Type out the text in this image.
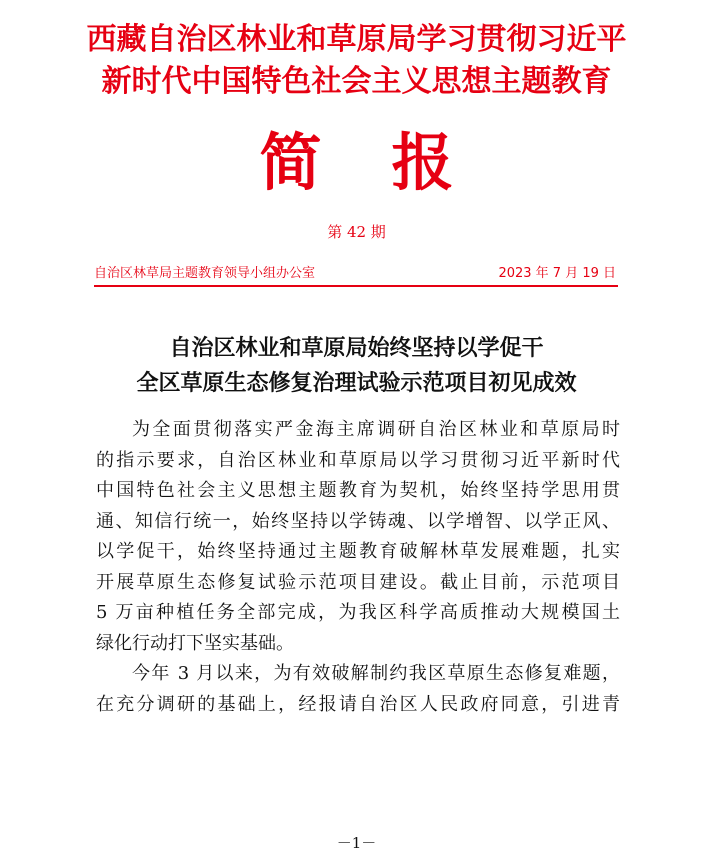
西藏自治区林业和草原局学习贯彻习近平
新时代中国特色社会主义思想主题教育
简报
第 42 期
自治区林草局主题教育领导小组办公室	2023 年 7 月 19 日
自治区林业和草原局始终坚持以学促干
全区草原生态修复治理试验示范项目初见成效
为全面贯彻落实严金海主席调研自治区林业和草原局时
的指示要求，自治区林业和草原局以学习贯彻习近平新时代
中国特色社会主义思想主题教育为契机，始终坚持学思用贯
通、知信行统一，始终坚持以学铸魂、以学增智、以学正风、
以学促干，始终坚持通过主题教育破解林草发展难题，扎实
开展草原生态修复试验示范项目建设。截止目前，示范项目
5 万亩种植任务全部完成，为我区科学高质推动大规模国土
绿化行动打下坚实基础。
今年 3 月以来，为有效破解制约我区草原生态修复难题，
在充分调研的基础上，经报请自治区人民政府同意，引进青
－1－
